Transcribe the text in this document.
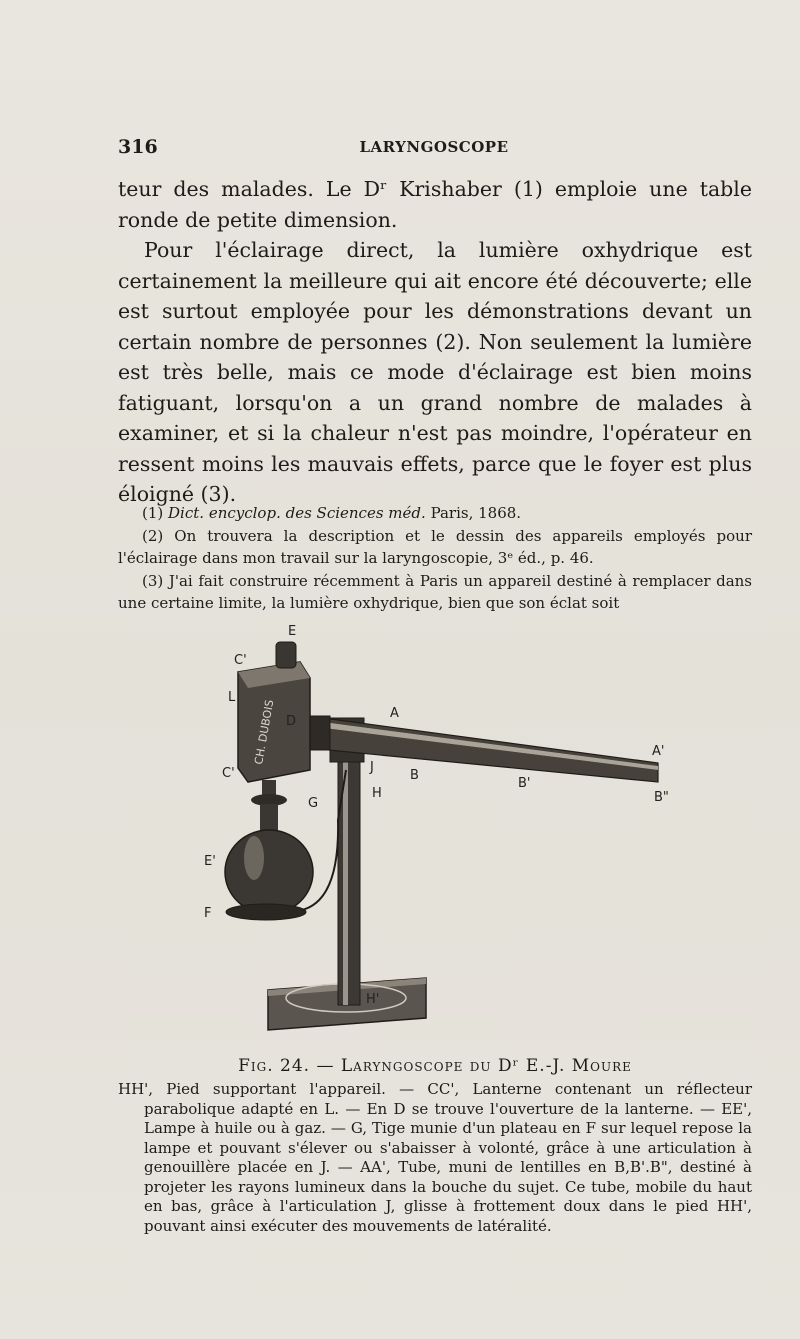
316	LARYNGOSCOPE

teur des malades. Le Dʳ Krishaber (1) emploie une table ronde de petite dimension.

Pour l'éclairage direct, la lumière oxhydrique est certainement la meilleure qui ait encore été découverte; elle est surtout employée pour les démonstrations devant un certain nombre de personnes (2). Non seulement la lumière est très belle, mais ce mode d'éclairage est bien moins fatiguant, lorsqu'on a un grand nombre de malades à examiner, et si la chaleur n'est pas moindre, l'opérateur en ressent moins les mauvais effets, parce que le foyer est plus éloigné (3).

(1) Dict. encyclop. des Sciences méd. Paris, 1868.

(2) On trouvera la description et le dessin des appareils employés pour l'éclairage dans mon travail sur la laryngoscopie, 3ᵉ éd., p. 46.

(3) J'ai fait construire récemment à Paris un appareil destiné à remplacer dans une certaine limite, la lumière oxhydrique, bien que son éclat soit

CH. DUBOIS
E
C'
L
D
A
A'
C'	J
B
B'
B"
G
H
E'
F
H'
Fig. 24. — Laryngoscope du Dʳ E.-J. Moure

HH', Pied supportant l'appareil. — CC', Lanterne contenant un réflecteur parabolique adapté en L. — En D se trouve l'ouverture de la lanterne. — EE', Lampe à huile ou à gaz. — G, Tige munie d'un plateau en F sur lequel repose la lampe et pouvant s'élever ou s'abaisser à volonté, grâce à une articulation à genouillère placée en J. — AA', Tube, muni de lentilles en B,B'.B", destiné à projeter les rayons lumineux dans la bouche du sujet. Ce tube, mobile du haut en bas, grâce à l'articulation J, glisse à frottement doux dans le pied HH', pouvant ainsi exécuter des mouvements de latéralité.
